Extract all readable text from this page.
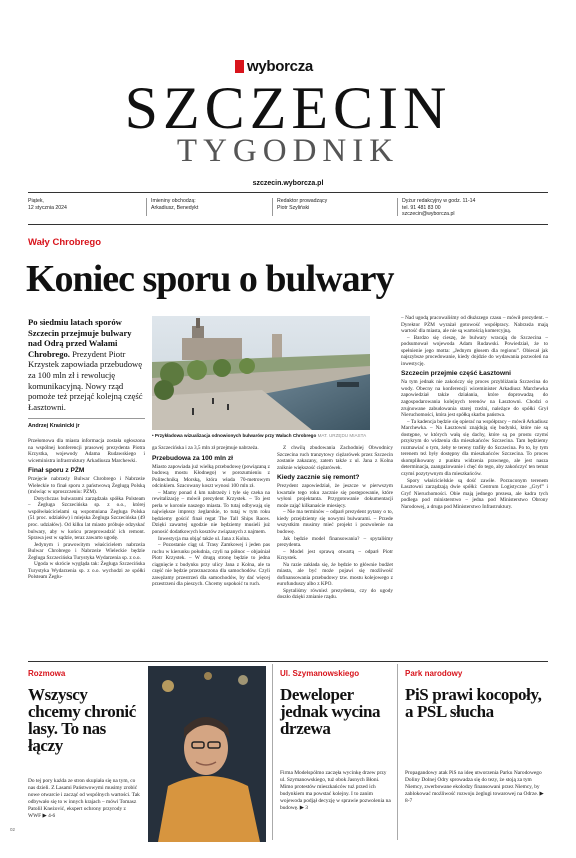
wyborcza
SZCZECIN
TYGODNIK
szczecin.wyborcza.pl
Piątek,
12 stycznia 2024
Imieniny obchodzą:
Arkadiusz, Benedykt
Redaktor prowadzący
Piotr Szyliński
Dyżur redakcyjny w godz. 11-14
tel. 91 481 83 00
szczecin@wyborcza.pl
Wały Chrobrego
Koniec sporu o bulwary
Po siedmiu latach sporów Szczecin przejmuje bulwary nad Odrą przed Wałami Chrobrego. Prezydent Piotr Krzystek zapowiada przebudowę za 100 mln zł i rewolucję komunikacyjną. Nowy rząd pomoże też przejąć kolejną część Łasztowni.
Andrzej Kraśnicki jr
• Przykładowa wizualizacja odnowionych bulwarów przy Wałach Chrobrego MAT. URZĘDU MIASTA

Przełomowa dla miasta informacja została ogłoszona na wspólnej konferencji prasowej prezydenta Piotra Krzystka, wojewody Adama Rudawskiego i wiceministra infrastruktury Arkadiusza Marchewki.

Finał sporu z PŻM

Przejęcie nabrzeży Bulwar Chrobrego i Nabrzeże Wieleckie to finał sporu z państwową Żeglugą Polską (mówiąc w uproszczeniu: PŻM).

Dotychczas bulwarami zarządzała spółka Polsteam – Żegluga Szczecińska sp. z o.o., której współwłaścicielami są wspomniana Żegluga Polska (51 proc. udziałów) i miejska Żegluga Szczecińska (49 proc. udziałów). Od kilku lat miasto próbuje odzyskać bulwary, aby w końcu przeprowadzić ich remont. Sprawa jest w sądzie, teraz zawarto ugodę.

Jedynym i prawowitym właścicielem nabrzeża Bulwar Chrobrego i Nabrzeże Wieleckie będzie Żegluga Szczecińska Turystyka Wydarzenia sp. z o.o.

Ugoda w skrócie wygląda tak: Żegluga Szczecińska Turystyka Wydarzenia sp. z o.o. wychodzi ze spółki Polsteam Żeglu-

ga Szczecińska i za 3,5 mln zł przejmuje nabrzeża.

Przebudowa za 100 mln zł

Miasto zapowiada już wielką przebudowę (powiązaną z budową mostu Kłodnego) w porozumieniu z Politechniką Morską, która władа 70-metrowym odcinkiem. Szacowany koszt wynosi 100 mln zł.

– Mamy ponad 4 km nabrzeży i tyle się czeka na rewitalizację – mówił prezydent Krzystek. – To jest perła w koronie naszego miasta. To tutaj odbywają się największe imprezy żeglarskie, to tutaj w tym roku będziemy gościć finał regat The Tall Ships Races. Dzięki zawartej ugodzie nie będziemy musieli już ponosić dodatkowych kosztów związanych z najmem.

Inwestycja ma objąć także ul. Jana z Kolna.

– Pozostanie ciąg ul. Trasy Zamkowej i jeden pas ruchu w kierunku południa, czyli na północ – objaśniał Piotr Krzystek. – W drugą stronę będzie to jedna ciągnięcie z budynku przy ulicy Jana z Kolna, ale ta część nie będzie przeznaczona dla samochodów. Czyli zawężamy przestrzeń dla samochodów, by dać więcej przestrzeni dla pieszych. Chcemy uspokoić tu ruch.

Z chwilą zbudowania Zachodniej Obwodnicy Szczecina ruch tranzytowy ciężarówek przez Szczecin zostanie zakazany, zatem także z ul. Jana z Kolna zniknie większość ciężarówek.

Kiedy zacznie się remont?

Prezydent zapowiedział, że jeszcze w pierwszym kwartale tego roku zacznie się postępowanie, które wyłoni projektanta. Przygotowanie dokumentacji może zająć kilkanaście miesięcy.

– Nie ma terminów – odparł prezydent pytany o to, kiedy przejdziemy się nowymi bulwarami. – Przede wszystkim musimy mieć projekt i pozwolenie na budowę.

Jak będzie model finansowania? – spytaliśmy prezydenta.

– Model jest sprawą otwartą – odparł Piotr Krzystek.

Na razie zakłada się, że będzie to głównie budżet miasta, ale być może pojawi się możliwość dofinansowania przebudowy tzw. mostu kolejowego z eurofunduszy albo z KPO.

Spytaliśmy również prezydenta, czy do ugody doszło dzięki zmianie rządu.

– Nad ugodą pracowaliśmy od dłuższego czasu – mówił prezydent. – Dyrektor PŻM wyrażał gotowość współpracy. Nabrzeża mają wartość dla miasta, ale nie są wartością komercyjną.

– Bardzo się cieszę, że bulwary wracają do Szczecina – podsumował wojewoda Adam Rudawski. Powiedział, że to spełnienie jego motta: „Jednym głosem dla regionu”. Obiecał jak najszybsze procedowanie, kiedy dojdzie do wydawania pozwoleń na inwestycję.

Szczecin przejmie część Łasztowni

Na tym jednak nie zakończy się proces przybliżania Szczecina do wody. Obecny na konferencji wiceminister Arkadiusz Marchewka zapowiedział także działania, które doprowadzą do zagospodarowania kolejnych terenów na Łasztowni. Chodzi o zrujnowane zabudowania starej rzeźni, należące do spółki Grył Nieruchomości, która jest spółką skarbu państwa.

– Ta kadencja będzie się opierać na współpracy – mówił Arkadiusz Marchewka. – Na Łasztowni znajdują się budynki, które nie są dostępne, w których wałą się dachy, które są po prostu czymś przykrym do widzenia dla mieszkańców Szczecina. Tam będziemy rozmawiać o tym, żeby te tereny trafiły do Szczecina. Po to, by tym terenem też były dostępny dla mieszkańców Szczecina. To proces skomplikowany z punktu widzenia prawnego, ale jest nasza determinacja, zaangażowanie i chęć do tego, aby zakończyć ten temat czymś pozytywnym dla mieszkańców.

Spory właścicielskie są dość zawiłe. Porzuconym terenem Łasztowni zarządzają dwie spółki: Centrum Logistyczne „Gryf” i Gryf Nieruchomości. Obie mają jednego prezesa, ale kadra tych podlega pod ministerstwo – jedna pod Ministerstwo Obrony Narodowej, a druga pod Ministerstwo Infrastruktury.

Rozmowa
Wszyscy chcemy chronić lasy. To nas łączy
Do tej pory każda ze stron skupiała się na tym, co nas dzieli. Z Lasami Państwowymi musimy zrobić nowe otwarcie i zacząć od wspólnych wartości. Tak odbywało się to w innych krajach – mówi Tomasz Patolil Kneżović, ekspert ochrony przyrody z WWF ▶ 4-6
Ul. Szymanowskiego
Deweloper jednak wycina drzewa
Firma Modelspólmo zaczęła wycinkę drzew przy ul. Szymanowskiego, tuż obok Jasnych Błoni. Mimo protestów mieszkańców tuż przed ich budynkiem ma powstać kolejny. I to zanim wojewoda podjął decyzję w sprawie pozwolenia na budowę. ▶ 3
Park narodowy
PiS prawi kocopoły, a PSL słucha
Propagandowy atak PiS na ideę utworzenia Parku Narodowego Doliny Dolnej Odry sprowadza się do tezy, że stoją za tym Niemcy, zwerbowane ekolodzy finansowani przez Niemcy, by zablokować możliwość rozwoju żeglugi towarowej na Odrze. ▶ 8-7
02
